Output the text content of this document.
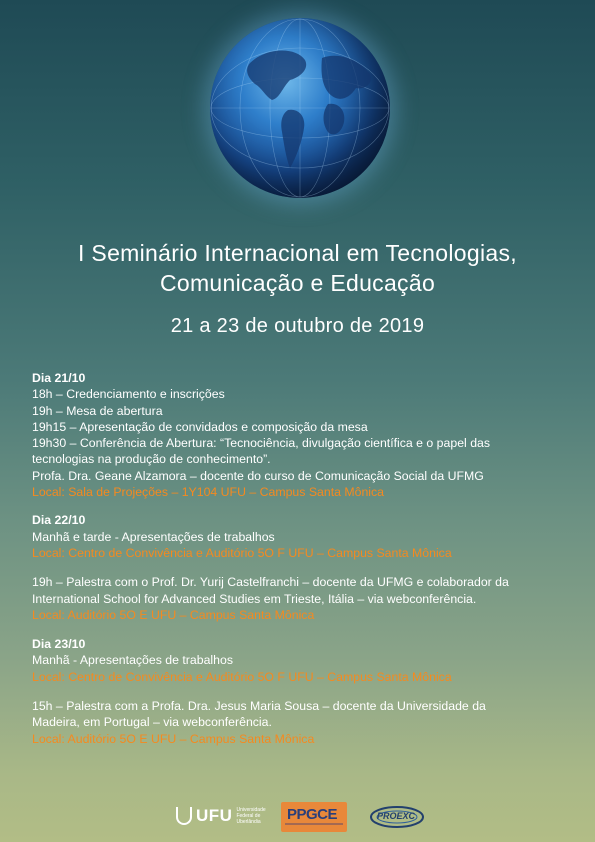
I Seminário Internacional em Tecnologias,
Comunicação e Educação
21 a 23 de outubro de 2019
Dia 21/10
18h – Credenciamento e inscrições
19h – Mesa de abertura
19h15 – Apresentação de convidados e composição da mesa
19h30 – Conferência de Abertura: “Tecnociência, divulgação científica e o papel das
tecnologias na produção de conhecimento”.
Profa. Dra. Geane Alzamora – docente do curso de Comunicação Social da UFMG
Local: Sala de Projeções – 1Y104 UFU – Campus Santa Mônica
Dia 22/10
Manhã e tarde - Apresentações de trabalhos
Local: Centro de Convivência e Auditório 5O F UFU – Campus Santa Mônica
19h – Palestra com o Prof. Dr. Yurij Castelfranchi – docente da UFMG e colaborador da
International School for Advanced Studies em Trieste, Itália – via webconferência.
Local: Auditório 5O E UFU – Campus Santa Mônica
Dia 23/10
Manhã - Apresentações de trabalhos
Local: Centro de Convivência e Auditório 5O F UFU – Campus Santa Mônica
15h – Palestra com a Profa. Dra. Jesus Maria Sousa – docente da Universidade da
Madeira, em Portugal – via webconferência.
Local: Auditório 5O E UFU – Campus Santa Mônica
UFU Universidade Federal de Uberlândia	PPGCE	PROEXC
